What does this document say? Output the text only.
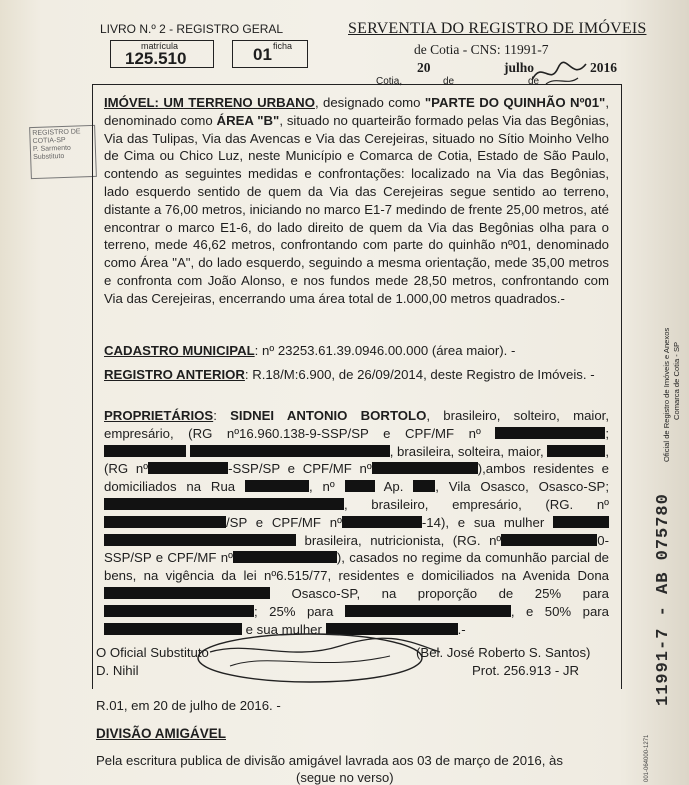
LIVRO N.º 2 - REGISTRO GERAL
matrícula
125.510
ficha
01
SERVENTIA DO REGISTRO DE IMÓVEIS
de Cotia - CNS: 11991-7
20	julho	2016
Cotia,	de	de
REGISTRO DE
COTIA-SP
P. Sarmento
Substituto
IMÓVEL: UM TERRENO URBANO, designado como "PARTE DO QUINHÃO Nº01", denominado como ÁREA "B", situado no quarteirão formado pelas Via das Begônias, Via das Tulipas, Via das Avencas e Via das Cerejeiras, situado no Sítio Moinho Velho de Cima ou Chico Luz, neste Município e Comarca de Cotia, Estado de São Paulo, contendo as seguintes medidas e confrontações: localizado na Via das Begônias, lado esquerdo sentido de quem da Via das Cerejeiras segue sentido ao terreno, distante a 76,00 metros, iniciando no marco E1-7 medindo de frente 25,00 metros, até encontrar o marco E1-6, do lado direito de quem da Via das Begônias olha para o terreno, mede 46,62 metros, confrontando com parte do quinhão nº01, denominado como Área "A", do lado esquerdo, seguindo a mesma orientação, mede 35,00 metros e confronta com João Alonso, e nos fundos mede 28,50 metros, confrontando com Via das Cerejeiras, encerrando uma área total de 1.000,00 metros quadrados.-
CADASTRO MUNICIPAL: nº 23253.61.39.0946.00.000 (área maior). -
REGISTRO ANTERIOR: R.18/M:6.900, de 26/09/2014, deste Registro de Imóveis. -
PROPRIETÁRIOS: SIDNEI ANTONIO BORTOLO, brasileiro, solteiro, maior, empresário, (RG nº16.960.138-9-SSP/SP e CPF/MF nº	;  , brasileira, solteira, maior,	, (RG nº	-SSP/SP e CPF/MF nº	),ambos residentes e domiciliados na Rua	, nº	Ap. , Vila Osasco, Osasco-SP; , brasileiro, empresário, (RG. nº/SP e CPF/MF nº	-14), e sua mulher   brasileira, nutricionista, (RG. nº	0-SSP/SP e CPF/MF nº	), casados no regime da comunhão parcial de bens, na vigência da lei nº6.515/77, residentes e domiciliados na Avenida Dona  Osasco-SP, na proporção de 25% para ; 25% para	, e 50% para  e sua mulher	.-
O Oficial Substituto
D. Nihil
(Bel. José Roberto S. Santos)
Prot. 256.913 - JR
R.01, em 20 de julho de 2016. -
DIVISÃO AMIGÁVEL
Pela escritura publica de divisão amigável lavrada aos 03 de março de 2016, às
(segue no verso)
Oficial de Registro de Imóveis e Anexos Comarca de Cotia - SP
11991-7 - AB 075780
001-064000-1271
